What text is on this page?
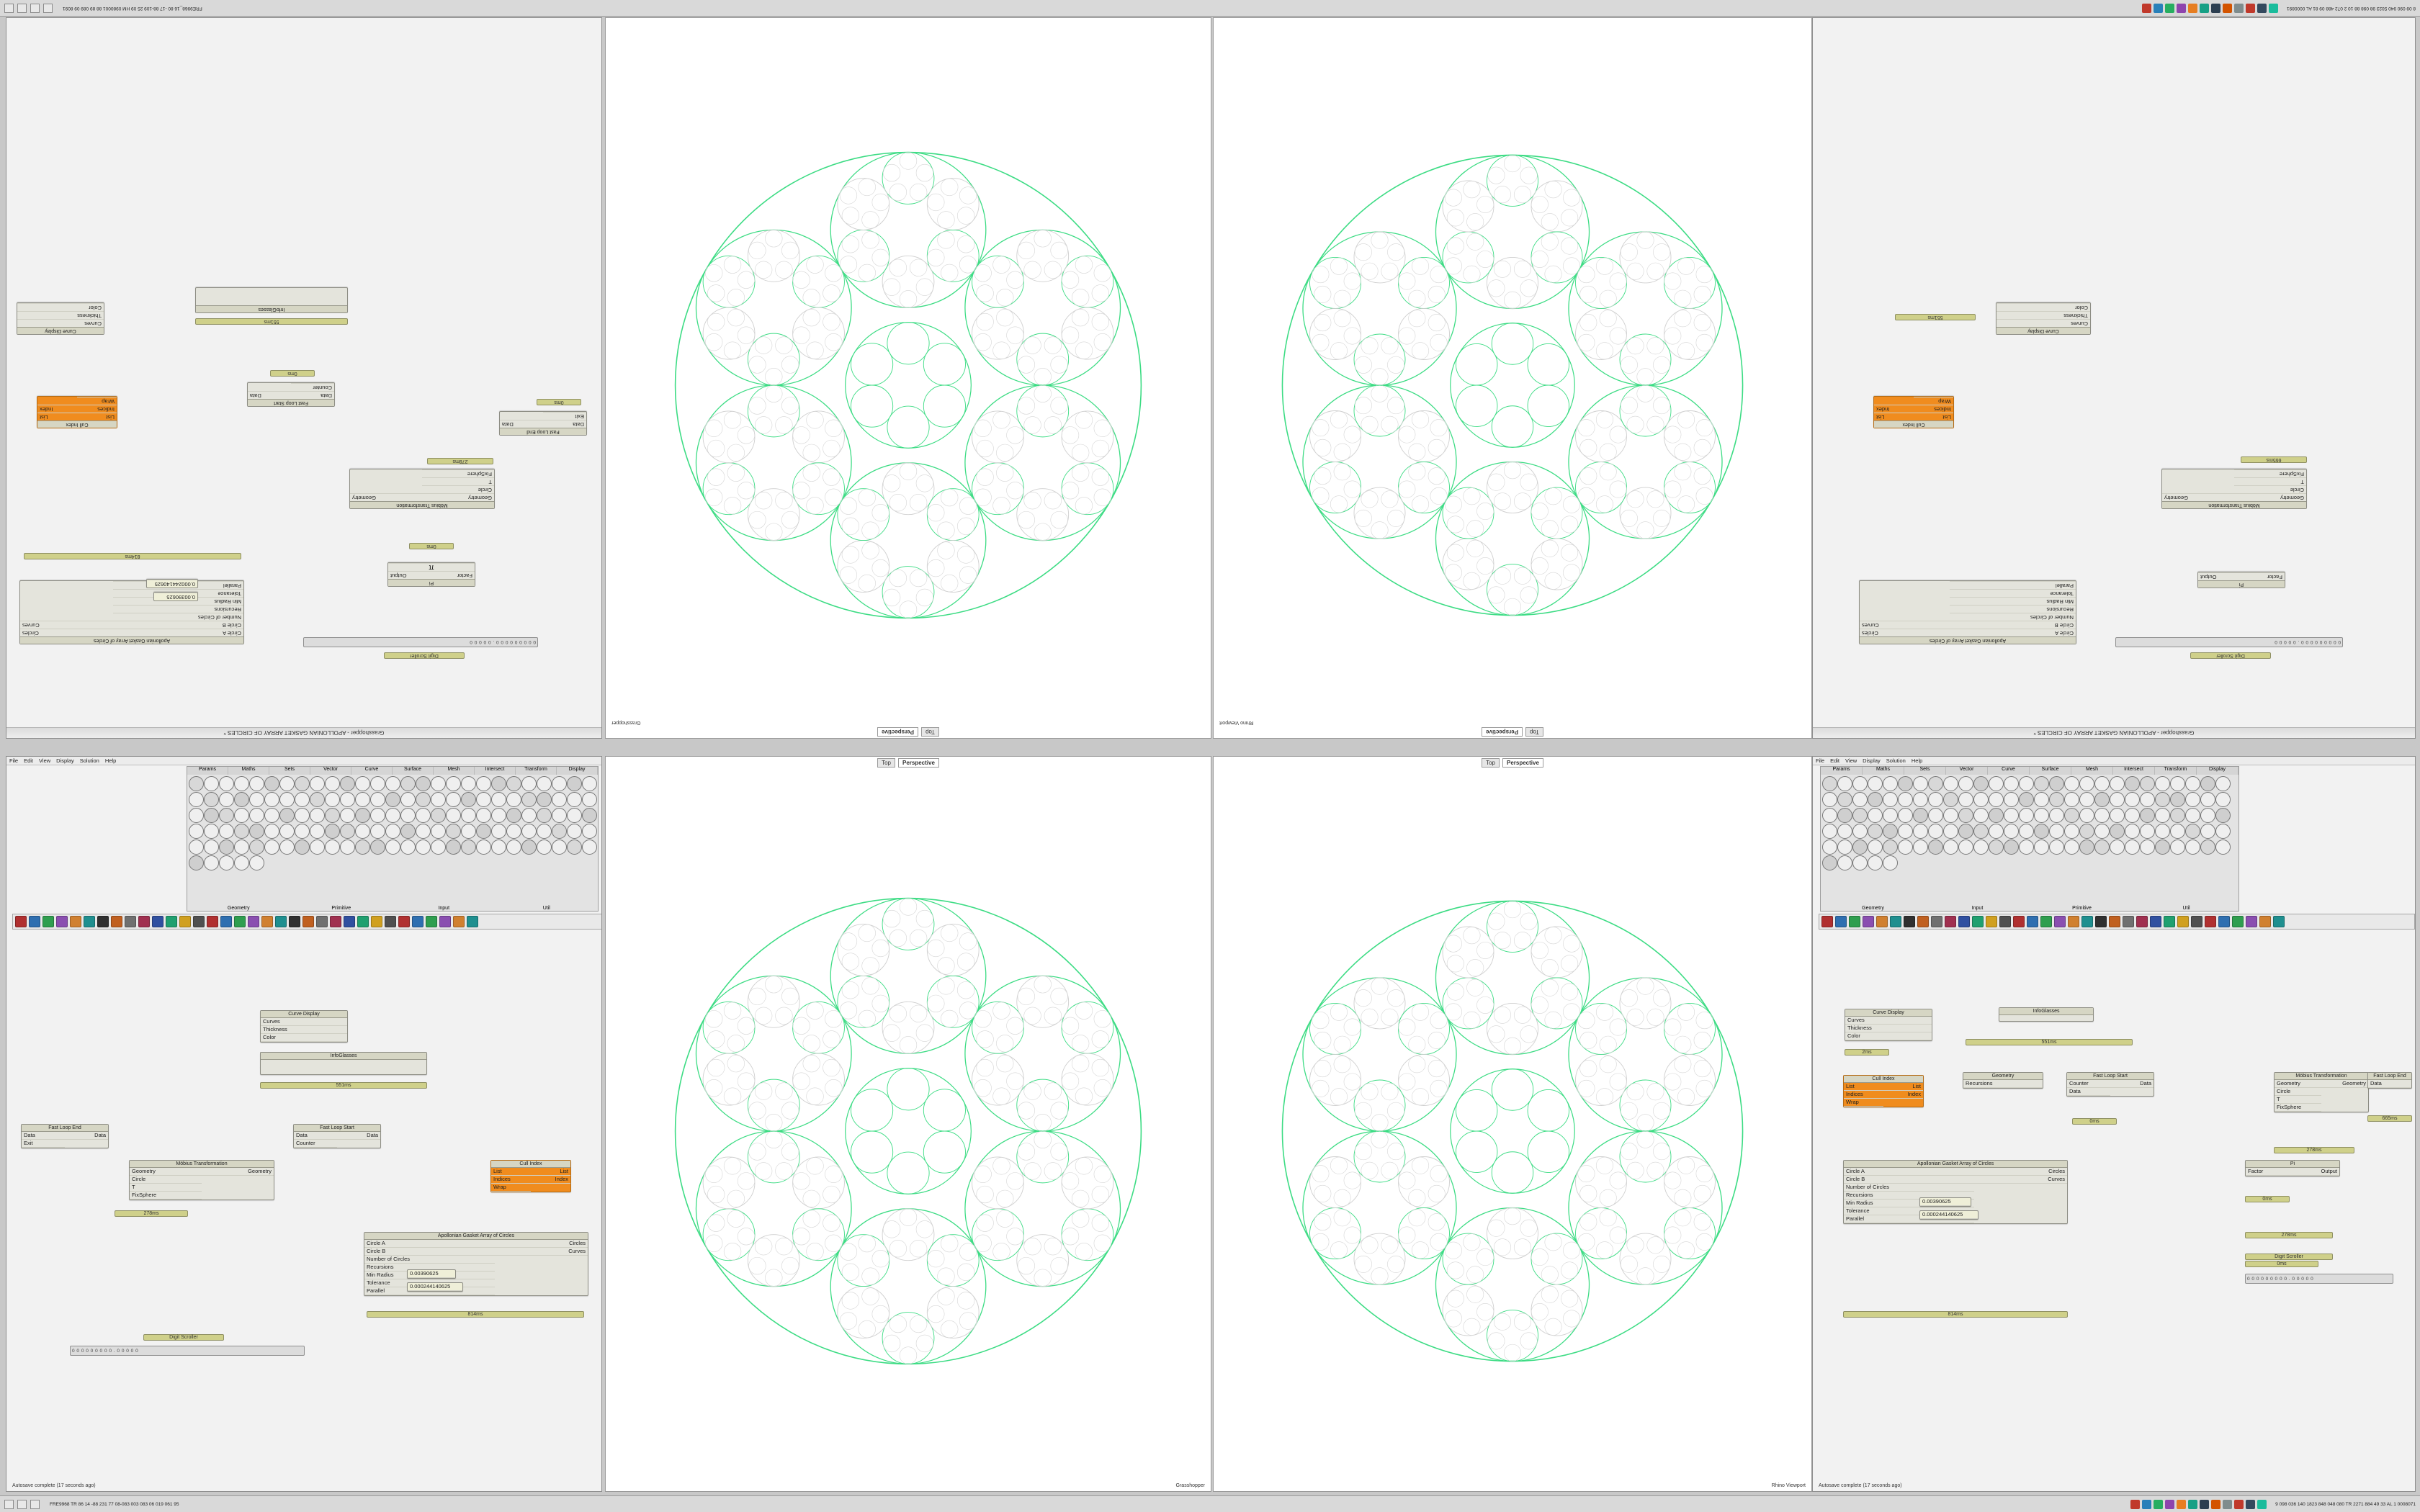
FRE9968_16 80 -17 88-109 25 09 HM 0980001 88 89 089 09 8091	8 09 090 940 5023 98 098 88 10 2 072 488 09 81 AL 0000891
Grasshopper - APOLLONIAN GASKET ARRAY OF CIRCLES *
0 0 0 0 0 0 0 0 0 . 0 0 0 0 0
Digit Scroller
Pi
Factor
Output
π
0ms
Möbius Transformation
Geometry
Circle
T
FixSphere
Geometry
278ms
Fast Loop Start
Data
Counter
Data
0ms
Fast Loop End
Data
Exit
Data
0ms
Cull Index
List
Indices
Wrap
List
Index
Apollonian Gasket Array of Circles
Circle A
Circle B
Number of Circles
Recursions
Min Radius
Tolerance
Parallel
Circles
Curves
814ms
0.00390625
0.000244140625
Curve Display
Curves
Thickness
Color
551ms
InfoGlasses
Grasshopper - APOLLONIAN GASKET ARRAY OF CIRCLES *
0 0 0 0 0 0 0 0 0 . 0 0 0 0 0
Digit Scroller
Pi
Factor
Output
Möbius Transformation
Geometry
Circle
T
FixSphere
Geometry
665ms
Cull Index
List
Indices
Wrap
List
Index
Apollonian Gasket Array of Circles
Circle A
Circle B
Number of Circles
Recursions
Min Radius
Tolerance
Parallel
Circles
Curves
Curve Display
Curves
Thickness
Color
551ms
File Edit View Display Solution Help
Params	Maths	Sets	Vector	Curve	Surface	Mesh	Intersect	Transform	Display
Geometry	Primitive	Input	Util
Curve Display
Curves
Thickness
Color
551ms
InfoGlasses
Möbius Transformation
Geometry
Circle
T
FixSphere
Geometry
278ms
Fast Loop Start
Data
Counter
Data
Fast Loop End
Data
Exit
Data
Cull Index
List
Indices
Wrap
List
Index
Apollonian Gasket Array of Circles
Circle A
Circle B
Number of Circles
Recursions
Min Radius
Tolerance
Parallel
Circles
Curves
814ms
0.00390625
0.000244140625
0 0 0 0 0 0 0 0 0 . 0 0 0 0 0
Digit Scroller
Autosave complete (17 seconds ago)
File Edit View Display Solution Help
Params	Maths	Sets	Vector	Curve	Surface	Mesh	Intersect	Transform	Display
Geometry	Input	Primitive	Util
Curve Display
Curves
Thickness
Color
2ms
InfoGlasses
551ms
Cull Index
List
Indices
Wrap
List
Index
Geometry
Recursions
Fast Loop Start
Counter
Data
Data
0ms
Möbius Transformation
Geometry
Circle
T
FixSphere
Geometry
278ms
Fast Loop End
Data
665ms
Apollonian Gasket Array of Circles
Circle A
Circle B
Number of Circles
Recursions
Min Radius
Tolerance
Parallel
Circles
Curves
0.00390625
0.000244140625
814ms
Pi
Factor	Output
0ms
278ms
0ms
0 0 0 0 0 0 0 0 0 . 0 0 0 0 0
Digit Scroller
Autosave complete (17 seconds ago)
Top
Perspective
Grasshopper
Top
Perspective
Rhino Viewport
Top	Perspective
Grasshopper
Top	Perspective
Rhino Viewport
FRE9968 TR 86 14 -88 231 77 08-083 003 083 06 019 061 95	9 098 036 140 1823 848 048 080 TR 2271 884 49 33 AL 1 0008071
